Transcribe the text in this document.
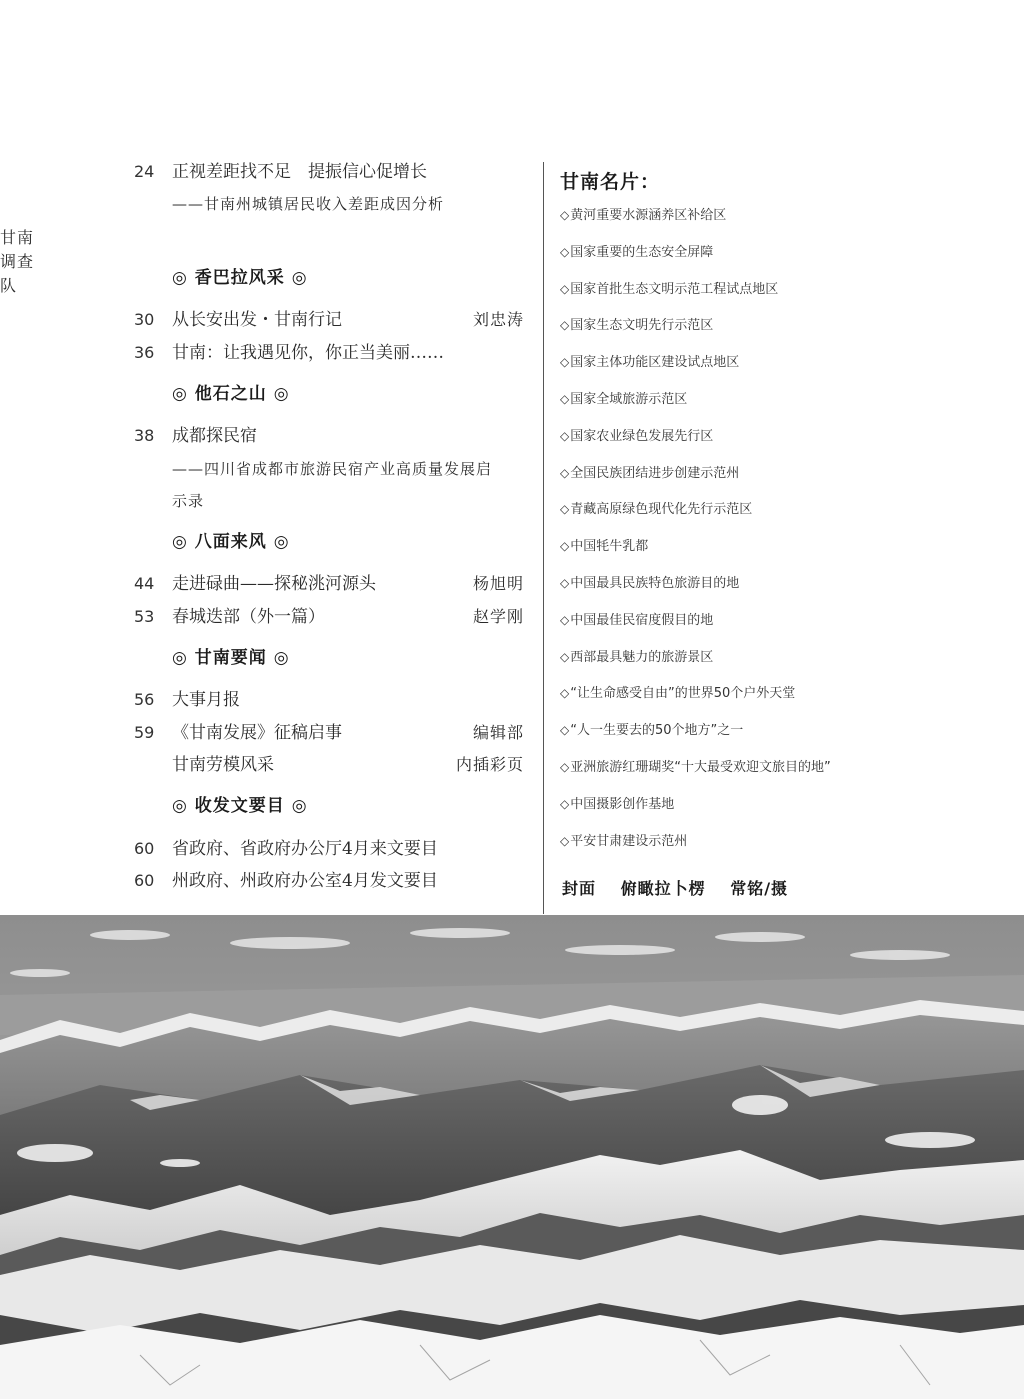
24	正视差距找不足　提振信心促增长
——甘南州城镇居民收入差距成因分析
甘南调查队	◎ 香巴拉风采 ◎
30	从长安出发・甘南行记	刘忠涛
36	甘南：让我遇见你，你正当美丽……
◎ 他石之山 ◎
38	成都探民宿
——四川省成都市旅游民宿产业高质量发展启
示录
◎ 八面来风 ◎
44	走进碌曲——探秘洮河源头	杨旭明
53	春城迭部（外一篇）	赵学刚
◎ 甘南要闻 ◎
56	大事月报
59	《甘南发展》征稿启事	编辑部
甘南劳模风采	内插彩页
◎ 收发文要目 ◎
60	省政府、省政府办公厅4月来文要目
60	州政府、州政府办公室4月发文要目
甘南名片：
◇黄河重要水源涵养区补给区
◇国家重要的生态安全屏障
◇国家首批生态文明示范工程试点地区
◇国家生态文明先行示范区
◇国家主体功能区建设试点地区
◇国家全域旅游示范区
◇国家农业绿色发展先行区
◇全国民族团结进步创建示范州
◇青藏高原绿色现代化先行示范区
◇中国牦牛乳都
◇中国最具民族特色旅游目的地
◇中国最佳民宿度假目的地
◇西部最具魅力的旅游景区
◇“让生命感受自由”的世界50个户外天堂
◇“人一生要去的50个地方”之一
◇亚洲旅游红珊瑚奖“十大最受欢迎文旅目的地”
◇中国摄影创作基地
◇平安甘肃建设示范州
封面 俯瞰拉卜楞 常铭/摄
